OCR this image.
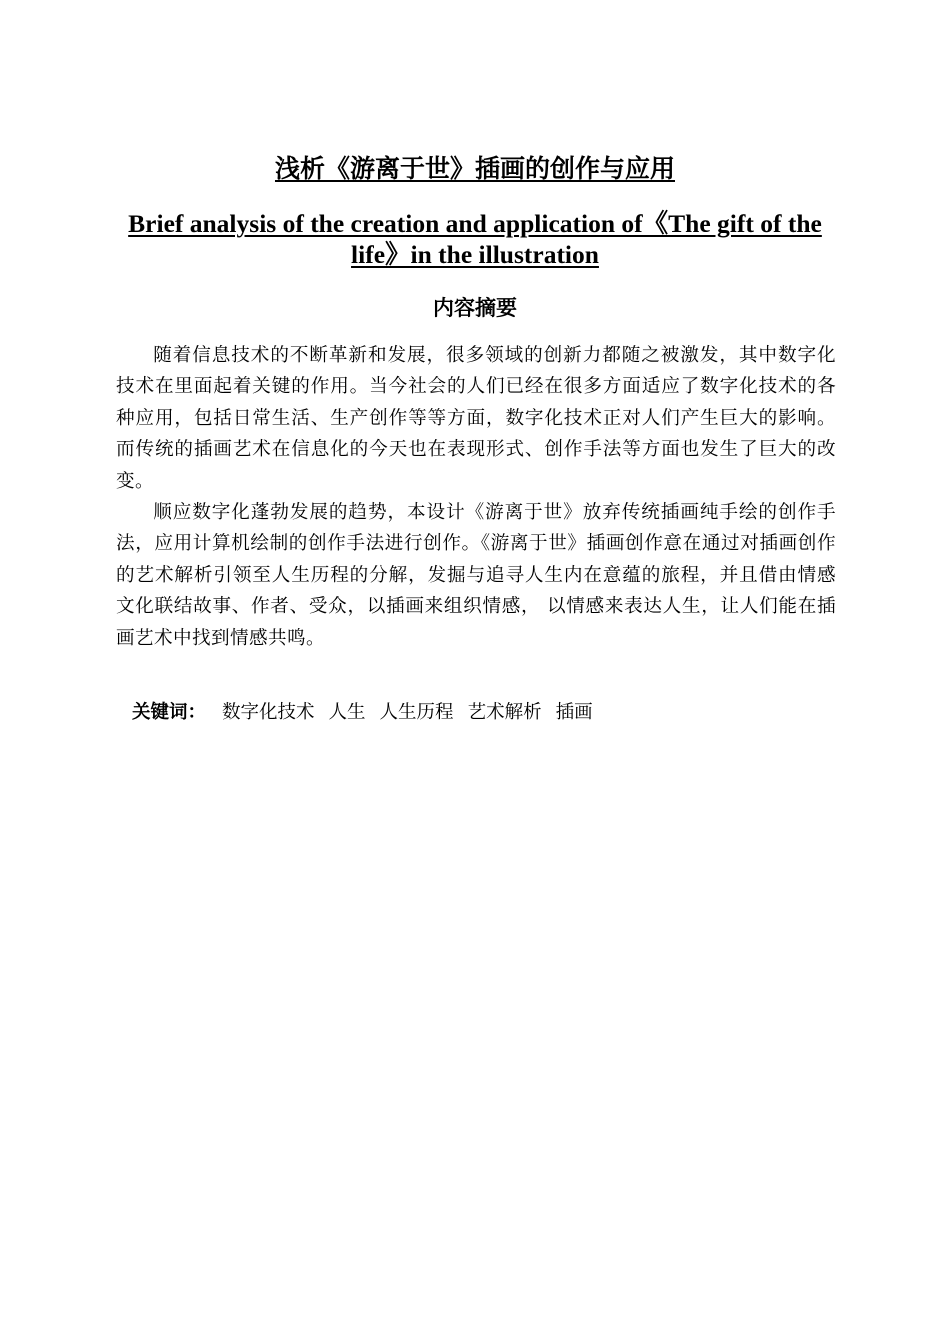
浅析《游离于世》插画的创作与应用
Brief analysis of the creation and application of《The gift of the life》in the illustration
内容摘要

随着信息技术的不断革新和发展，很多领域的创新力都随之被激发，其中数字化技术在里面起着关键的作用。当今社会的人们已经在很多方面适应了数字化技术的各种应用，包括日常生活、生产创作等等方面，数字化技术正对人们产生巨大的影响。而传统的插画艺术在信息化的今天也在表现形式、创作手法等方面也发生了巨大的改变。

顺应数字化蓬勃发展的趋势，本设计《游离于世》放弃传统插画纯手绘的创作手法，应用计算机绘制的创作手法进行创作。《游离于世》插画创作意在通过对插画创作的艺术解析引领至人生历程的分解，发掘与追寻人生内在意蕴的旅程，并且借由情感文化联结故事、作者、受众，以插画来组织情感， 以情感来表达人生，让人们能在插画艺术中找到情感共鸣。

关键词： 数字化技术 人生 人生历程 艺术解析 插画
